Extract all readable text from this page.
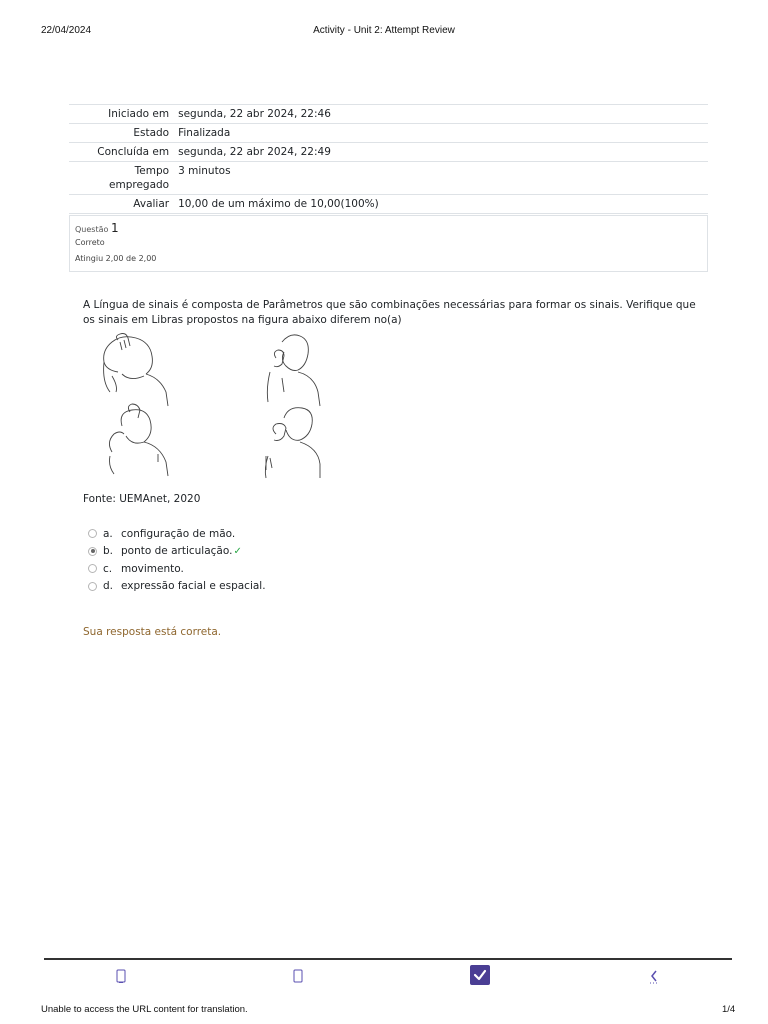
22/04/2024	Activity - Unit 2: Attempt Review
Iniciado em	segunda, 22 abr 2024, 22:46
Estado	Finalizada
Concluída em	segunda, 22 abr 2024, 22:49
Tempo empregado	3 minutos
Avaliar	10,00 de um máximo de 10,00(100%)
Questão 1
Correto
Atingiu 2,00 de 2,00
A Língua de sinais é composta de Parâmetros que são combinações necessárias para formar os sinais. Verifique que os sinais em Libras propostos na figura abaixo diferem no(a)
Fonte: UEMAnet, 2020
a. configuração de mão.
b. ponto de articulação. ✓
c. movimento.
d. expressão facial e espacial.
Sua resposta está correta.
Unable to access the URL content for translation.	1/4
